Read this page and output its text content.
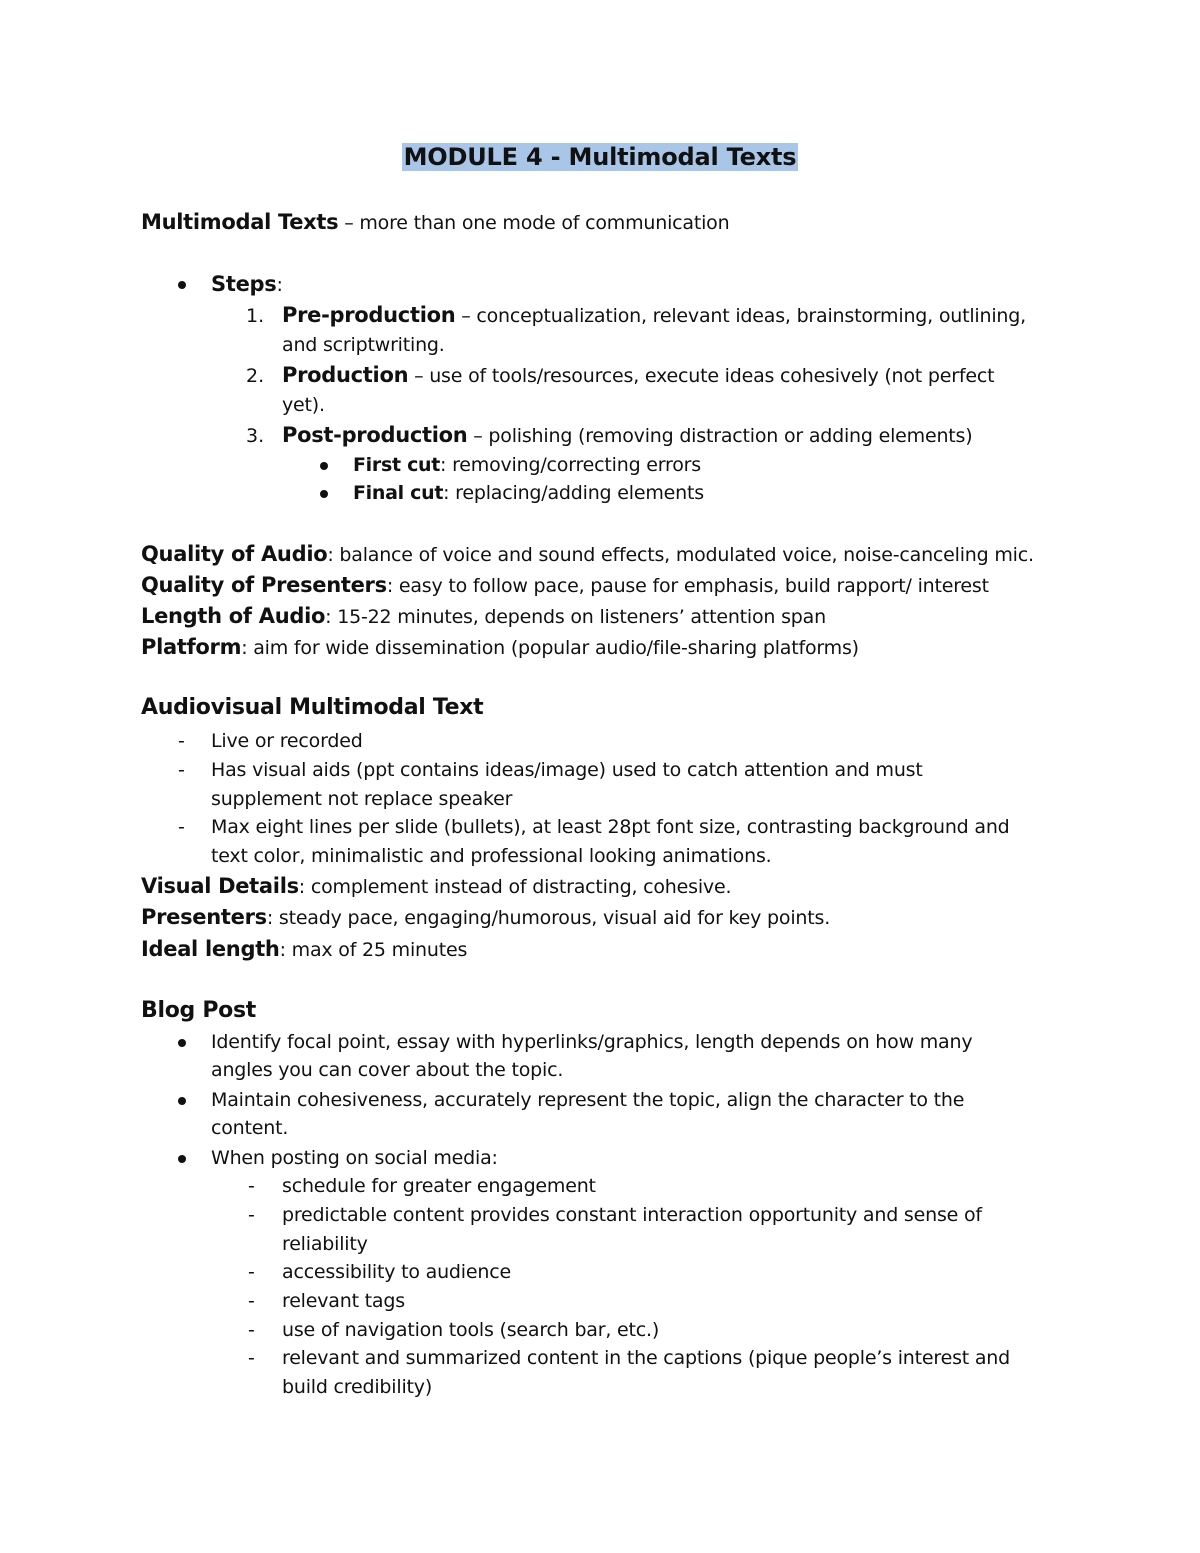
MODULE 4 - Multimodal Texts
Multimodal Texts – more than one mode of communication
Steps:
1. Pre-production – conceptualization, relevant ideas, brainstorming, outlining,
and scriptwriting.
2. Production – use of tools/resources, execute ideas cohesively (not perfect
yet).
3. Post-production – polishing (removing distraction or adding elements)
First cut: removing/correcting errors
Final cut: replacing/adding elements
Quality of Audio: balance of voice and sound effects, modulated voice, noise-canceling mic.
Quality of Presenters: easy to follow pace, pause for emphasis, build rapport/ interest
Length of Audio: 15-22 minutes, depends on listeners’ attention span
Platform: aim for wide dissemination (popular audio/file-sharing platforms)
Audiovisual Multimodal Text
- Live or recorded
- Has visual aids (ppt contains ideas/image) used to catch attention and must
supplement not replace speaker
- Max eight lines per slide (bullets), at least 28pt font size, contrasting background and
text color, minimalistic and professional looking animations.
Visual Details: complement instead of distracting, cohesive.
Presenters: steady pace, engaging/humorous, visual aid for key points.
Ideal length: max of 25 minutes
Blog Post
Identify focal point, essay with hyperlinks/graphics, length depends on how many
angles you can cover about the topic.
Maintain cohesiveness, accurately represent the topic, align the character to the
content.
When posting on social media:
- schedule for greater engagement
- predictable content provides constant interaction opportunity and sense of
reliability
- accessibility to audience
- relevant tags
- use of navigation tools (search bar, etc.)
- relevant and summarized content in the captions (pique people’s interest and
build credibility)
